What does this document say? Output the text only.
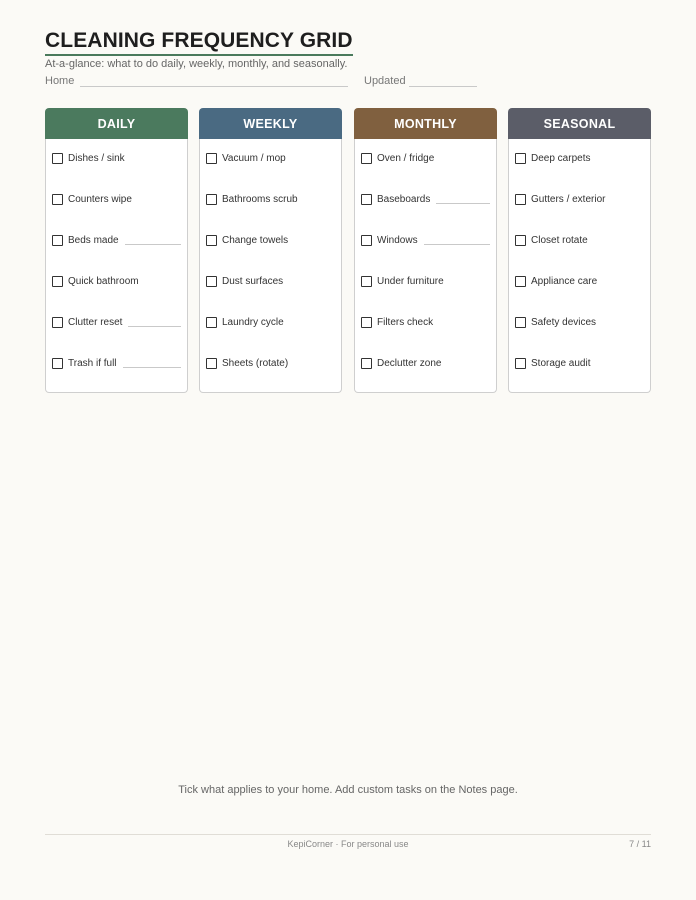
CLEANING FREQUENCY GRID
At-a-glance: what to do daily, weekly, monthly, and seasonally.
Home	Updated
DAILY
Dishes / sink
Counters wipe
Beds made
Quick bathroom
Clutter reset
Trash if full
WEEKLY
Vacuum / mop
Bathrooms scrub
Change towels
Dust surfaces
Laundry cycle
Sheets (rotate)
MONTHLY
Oven / fridge
Baseboards
Windows
Under furniture
Filters check
Declutter zone
SEASONAL
Deep carpets
Gutters / exterior
Closet rotate
Appliance care
Safety devices
Storage audit
Tick what applies to your home. Add custom tasks on the Notes page.
KepiCorner · For personal use	7 / 11
